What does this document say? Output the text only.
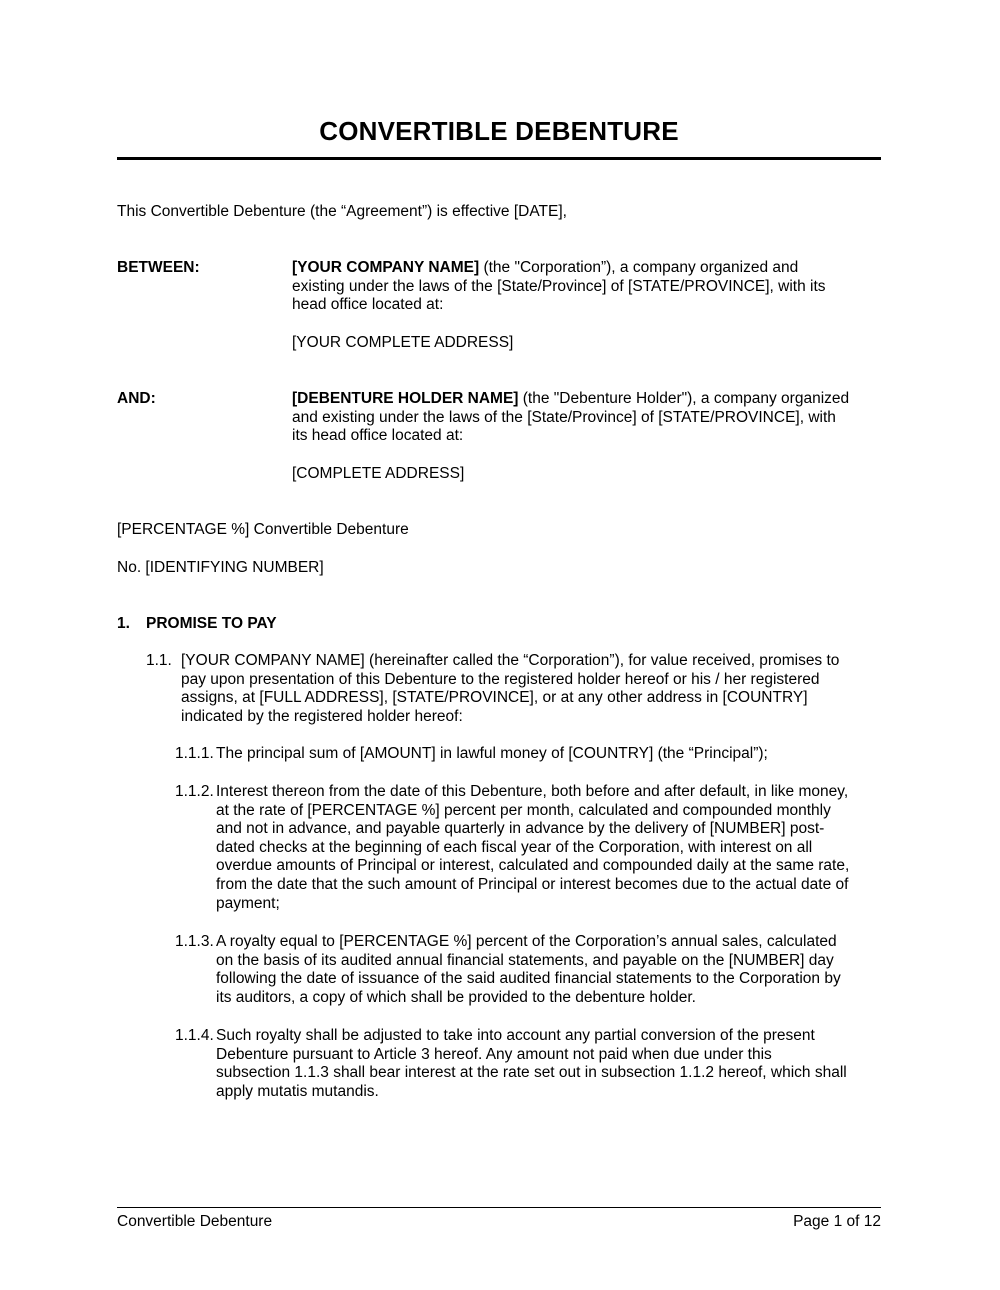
CONVERTIBLE DEBENTURE
This Convertible Debenture (the “Agreement”) is effective [DATE],
BETWEEN:	[YOUR COMPANY NAME] (the "Corporation”), a company organized and

existing under the laws of the [State/Province] of [STATE/PROVINCE], with its

head office located at:

[YOUR COMPLETE ADDRESS]
AND:	[DEBENTURE HOLDER NAME] (the "Debenture Holder"), a company organized

and existing under the laws of the [State/Province] of [STATE/PROVINCE], with

its head office located at:

[COMPLETE ADDRESS]
[PERCENTAGE %] Convertible Debenture
No. [IDENTIFYING NUMBER]
1. PROMISE TO PAY
1.1. [YOUR COMPANY NAME] (hereinafter called the “Corporation”), for value received, promises to
pay upon presentation of this Debenture to the registered holder hereof or his / her registered
assigns, at [FULL ADDRESS], [STATE/PROVINCE], or at any other address in [COUNTRY]
indicated by the registered holder hereof:
1.1.1. The principal sum of [AMOUNT] in lawful money of [COUNTRY] (the “Principal”);
1.1.2. Interest thereon from the date of this Debenture, both before and after default, in like money,
at the rate of [PERCENTAGE %] percent per month, calculated and compounded monthly
and not in advance, and payable quarterly in advance by the delivery of [NUMBER] post-
dated checks at the beginning of each fiscal year of the Corporation, with interest on all
overdue amounts of Principal or interest, calculated and compounded daily at the same rate,
from the date that the such amount of Principal or interest becomes due to the actual date of
payment;
1.1.3. A royalty equal to [PERCENTAGE %] percent of the Corporation’s annual sales, calculated
on the basis of its audited annual financial statements, and payable on the [NUMBER] day
following the date of issuance of the said audited financial statements to the Corporation by
its auditors, a copy of which shall be provided to the debenture holder.
1.1.4. Such royalty shall be adjusted to take into account any partial conversion of the present
Debenture pursuant to Article 3 hereof. Any amount not paid when due under this
subsection 1.1.3 shall bear interest at the rate set out in subsection 1.1.2 hereof, which shall
apply mutatis mutandis.
Convertible Debenture	Page 1 of 12
